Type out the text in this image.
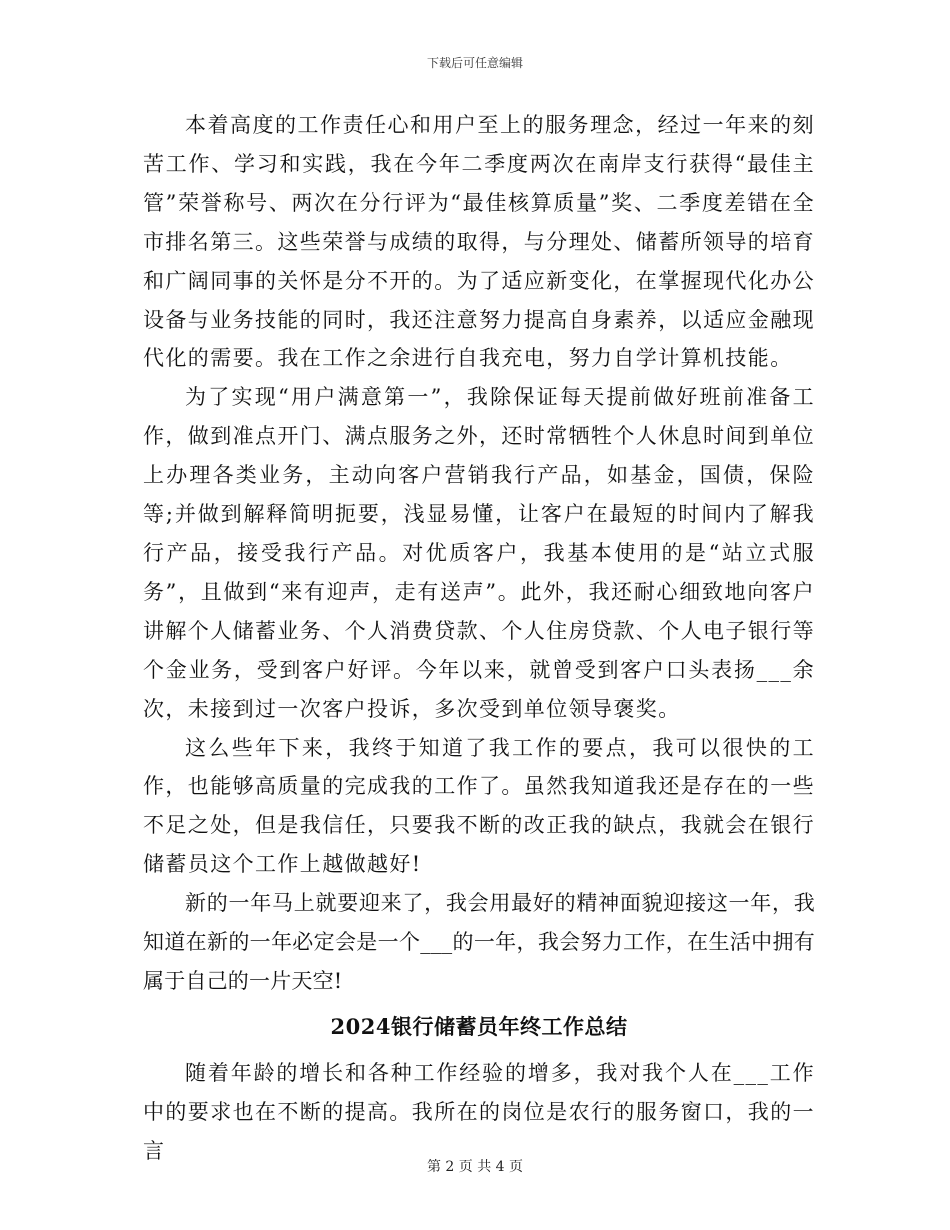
下载后可任意编辑

本着高度的工作责任心和用户至上的服务理念，经过一年来的刻苦工作、学习和实践，我在今年二季度两次在南岸支行获得“最佳主管”荣誉称号、两次在分行评为“最佳核算质量”奖、二季度差错在全市排名第三。这些荣誉与成绩的取得，与分理处、储蓄所领导的培育和广阔同事的关怀是分不开的。为了适应新变化，在掌握现代化办公设备与业务技能的同时，我还注意努力提高自身素养，以适应金融现代化的需要。我在工作之余进行自我充电，努力自学计算机技能。

为了实现“用户满意第一”，我除保证每天提前做好班前准备工作，做到准点开门、满点服务之外，还时常牺牲个人休息时间到单位上办理各类业务，主动向客户营销我行产品，如基金，国债，保险等;并做到解释简明扼要，浅显易懂，让客户在最短的时间内了解我行产品，接受我行产品。对优质客户，我基本使用的是“站立式服务”，且做到“来有迎声，走有送声”。此外，我还耐心细致地向客户讲解个人储蓄业务、个人消费贷款、个人住房贷款、个人电子银行等个金业务，受到客户好评。今年以来，就曾受到客户口头表扬___余次，未接到过一次客户投诉，多次受到单位领导褒奖。

这么些年下来，我终于知道了我工作的要点，我可以很快的工作，也能够高质量的完成我的工作了。虽然我知道我还是存在的一些不足之处，但是我信任，只要我不断的改正我的缺点，我就会在银行储蓄员这个工作上越做越好!

新的一年马上就要迎来了，我会用最好的精神面貌迎接这一年，我知道在新的一年必定会是一个___的一年，我会努力工作，在生活中拥有属于自己的一片天空!

2024银行储蓄员年终工作总结

随着年龄的增长和各种工作经验的增多，我对我个人在___工作中的要求也在不断的提高。我所在的岗位是农行的服务窗口，我的一言

第 2 页 共 4 页
